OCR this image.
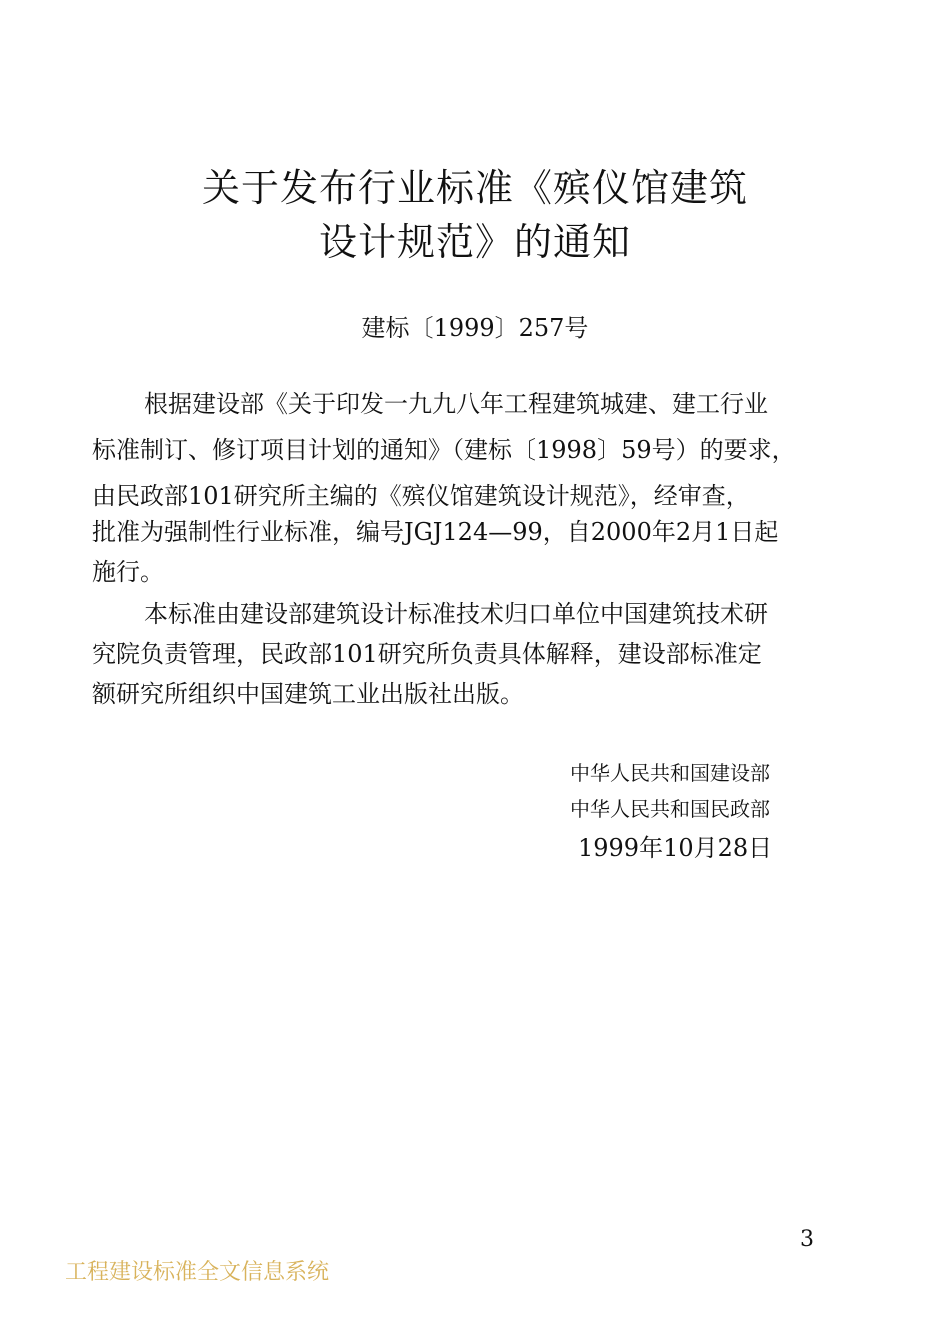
关于发布行业标准《殡仪馆建筑
设计规范》的通知
建标〔1999〕257号
根据建设部《关于印发一九九八年工程建筑城建、建工行业
标准制订、修订项目计划的通知》（建标〔1998〕59号）的要求，
由民政部101研究所主编的《殡仪馆建筑设计规范》，经审查，
批准为强制性行业标准，编号JGJ124—99，自2000年2月1日起
施行。
本标准由建设部建筑设计标准技术归口单位中国建筑技术研
究院负责管理，民政部101研究所负责具体解释，建设部标准定
额研究所组织中国建筑工业出版社出版。
中华人民共和国建设部
中华人民共和国民政部
1999年10月28日
3
工程建设标准全文信息系统
